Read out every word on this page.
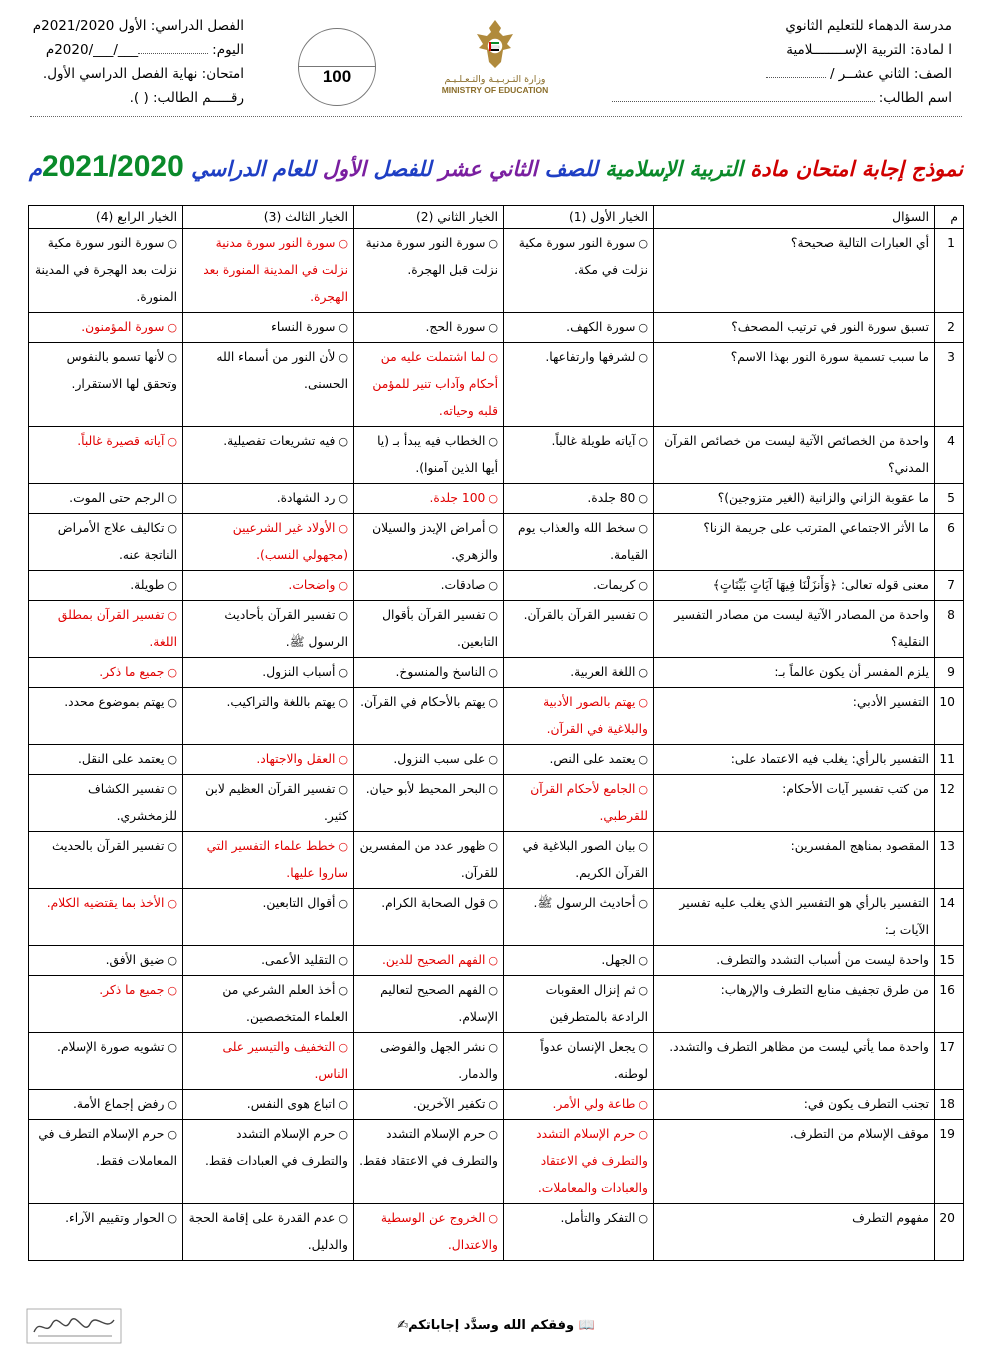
مدرسة الدهماء للتعليم الثانوي
ا لمادة:

التربية الإســــــــلامية
الصف:

الثاني عشــر /
اسم الطالب:
وزارة التـربـيـة والتـعـلـيـم
MINISTRY OF EDUCATION
100
الفصل الدراسي: الأول 2021/2020م
اليوم:
___/___/2020م
امتحان: نهاية الفصل الدراسي الأول.
رقـــــم الطالب: ( ).
نموذج إجابة امتحان مادة التربية الإسلامية للصف الثاني عشر للفصل الأول للعام الدراسي 2021/2020م
م	السؤال	الخيار الأول (1)	الخيار الثاني (2)	الخيار الثالث (3)	الخيار الرابع (4)
1	أي العبارات التالية صحيحة؟	○سورة النور سورة مكية نزلت في مكة.	○سورة النور سورة مدنية نزلت قبل الهجرة.	○سورة النور سورة مدنية نزلت في المدينة المنورة بعد الهجرة.	○سورة النور سورة مكية نزلت بعد الهجرة في المدينة المنورة.
2	تسبق سورة النور في ترتيب المصحف؟	○سورة الكهف.	○سورة الحج.	○سورة النساء	○سورة المؤمنون.
3	ما سبب تسمية سورة النور بهذا الاسم؟	○لشرفها وارتفاعها.	○لما اشتملت عليه من أحكام وآداب تنير للمؤمن قلبه وحياته.	○لأن النور من أسماء الله الحسنى.	○لأنها تسمو بالنفوس وتحقق لها الاستقرار.
4	واحدة من الخصائص الآتية ليست من خصائص القرآن المدني؟	○آياته طويلة غالباً.	○الخطاب فيه يبدأ بـ (يا أيها الذين آمنوا).	○فيه تشريعات تفصيلية.	○آياته قصيرة غالباً.
5	ما عقوبة الزاني والزانية (الغير متزوجين)؟	○80 جلدة.	○100 جلدة.	○رد الشهادة.	○الرجم حتى الموت.
6	ما الأثر الاجتماعي المترتب على جريمة الزنا؟	○سخط الله والعذاب يوم القيامة.	○أمراض الإيدز والسيلان والزهري.	○الأولاد غير الشرعيين (مجهولي النسب).	○تكاليف علاج الأمراض الناتجة عنه.
7	معنى قوله تعالى: ﴿وَأَنزَلْنَا فِيهَا آيَاتٍ بَيِّنَاتٍ﴾	○كريمات.	○صادقات.	○واضحات.	○طويلة.
8	واحدة من المصادر الآتية ليست من مصادر التفسير النقلية؟	○تفسير القرآن بالقرآن.	○تفسير القرآن بأقوال التابعين.	○تفسير القرآن بأحاديث الرسول ﷺ.	○تفسير القرآن بمطلق اللغة.
9	يلزم المفسر أن يكون عالماً بـ:	○اللغة العربية.	○الناسخ والمنسوخ.	○أسباب النزول.	○جميع ما ذكر.
10	التفسير الأدبي:	○يهتم بالصور الأدبية والبلاغية في القرآن.	○يهتم بالأحكام في القرآن.	○يهتم باللغة والتراكيب.	○يهتم بموضوع محدد.
11	التفسير بالرأي: يغلب فيه الاعتماد على:	○يعتمد على النص.	○على سبب النزول.	○العقل والاجتهاد.	○يعتمد على النقل.
12	من كتب تفسير آيات الأحكام:	○الجامع لأحكام القرآن للقرطبي.	○البحر المحيط لأبو حيان.	○تفسير القرآن العظيم لابن كثير.	○تفسير الكشاف للزمخشري.
13	المقصود بمناهج المفسرين:	○بيان الصور البلاغية في القرآن الكريم.	○ظهور عدد من المفسرين للقرآن.	○خطط علماء التفسير التي ساروا عليها.	○تفسير القرآن بالحديث
14	التفسير بالرأي هو التفسير الذي يغلب عليه تفسير الآيات بـ:	○أحاديث الرسول ﷺ.	○قول الصحابة الكرام.	○أقوال التابعين.	○الأخذ بما يقتضيه الكلام.
15	واحدة ليست من أسباب التشدد والتطرف.	○الجهل.	○الفهم الصحيح للدين.	○التقليد الأعمى.	○ضيق الأفق.
16	من طرق تجفيف منابع التطرف والإرهاب:	○ثم إنزال العقوبات الرادعة بالمتطرفين	○الفهم الصحيح لتعاليم الإسلام.	○أخذ العلم الشرعي من العلماء المتخصصين.	○جميع ما ذكر.
17	واحدة مما يأتي ليست من مظاهر التطرف والتشدد.	○يجعل الإنسان عدواً لوطنه.	○نشر الجهل والفوضى والدمار.	○التخفيف والتيسير على الناس.	○تشويه صورة الإسلام.
18	تجنب التطرف يكون في:	○طاعة ولي الأمر.	○تكفير الآخرين.	○اتباع هوى النفس.	○رفض إجماع الأمة.
19	موقف الإسلام من التطرف.	○حرم الإسلام التشدد والتطرف في الاعتقاد والعبادات والمعاملات.	○حرم الإسلام التشدد والتطرف في الاعتقاد فقط.	○حرم الإسلام التشدد والتطرف في العبادات فقط.	○حرم الإسلام التطرف في المعاملات فقط.
20	مفهوم التطرف	○التفكر والتأمل.	○الخروج عن الوسطية والاعتدال.	○عدم القدرة على إقامة الحجة والدليل.	○الحوار وتقييم الآراء.
📖 وفقكم الله وسدَّد إجاباتكم✍
